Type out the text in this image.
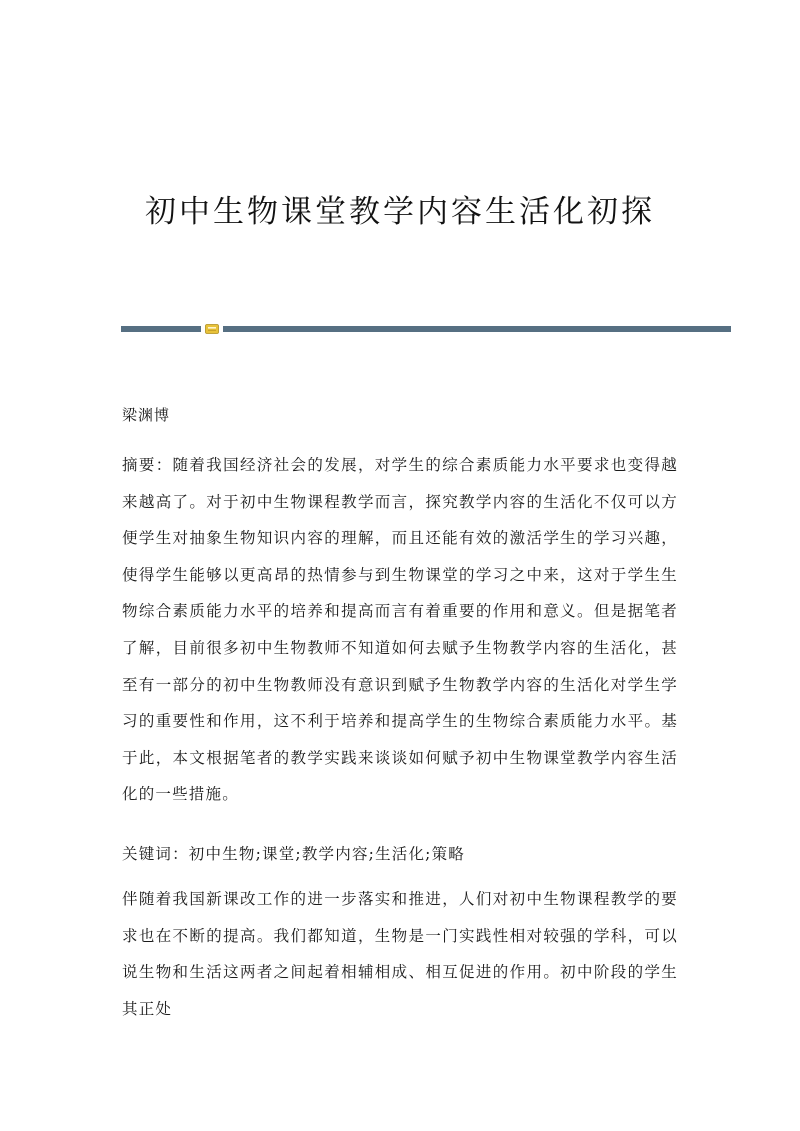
初中生物课堂教学内容生活化初探

梁渊博

摘要：随着我国经济社会的发展，对学生的综合素质能力水平要求也变得越来越高了。对于初中生物课程教学而言，探究教学内容的生活化不仅可以方便学生对抽象生物知识内容的理解，而且还能有效的激活学生的学习兴趣，使得学生能够以更高昂的热情参与到生物课堂的学习之中来，这对于学生生物综合素质能力水平的培养和提高而言有着重要的作用和意义。但是据笔者了解，目前很多初中生物教师不知道如何去赋予生物教学内容的生活化，甚至有一部分的初中生物教师没有意识到赋予生物教学内容的生活化对学生学习的重要性和作用，这不利于培养和提高学生的生物综合素质能力水平。基于此，本文根据笔者的教学实践来谈谈如何赋予初中生物课堂教学内容生活化的一些措施。

关键词：初中生物;课堂;教学内容;生活化;策略

伴随着我国新课改工作的进一步落实和推进，人们对初中生物课程教学的要求也在不断的提高。我们都知道，生物是一门实践性相对较强的学科，可以说生物和生活这两者之间起着相辅相成、相互促进的作用。初中阶段的学生其正处
